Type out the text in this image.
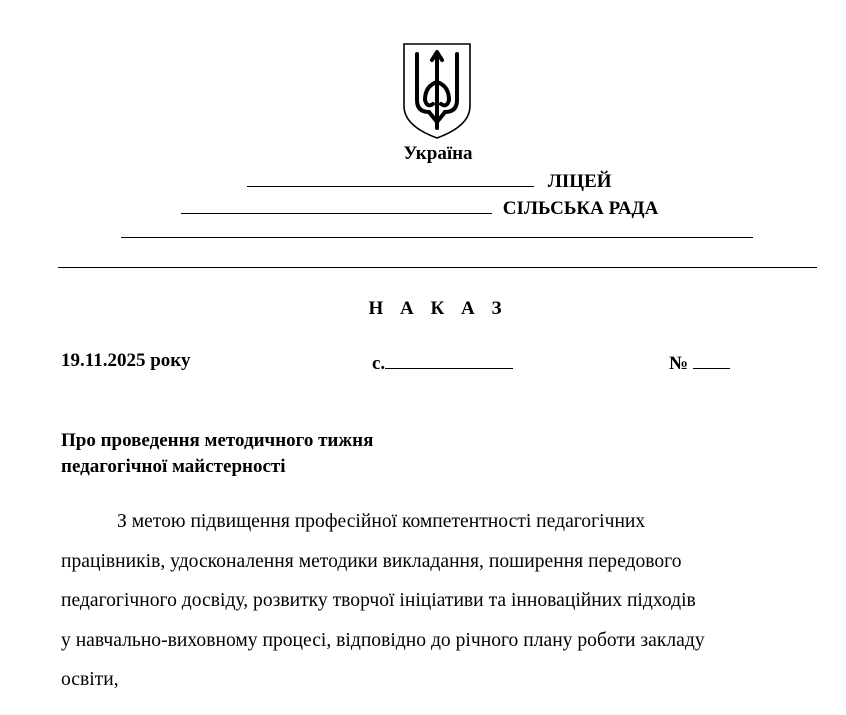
Україна
ЛІЦЕЙ
СІЛЬСЬКА РАДА
Н А К А З
19.11.2025 року	с.	№
Про проведення методичного тижня
педагогічної майстерності
З метою підвищення професійної компетентності педагогічних
працівників, удосконалення методики викладання, поширення передового
педагогічного досвіду, розвитку творчої ініціативи та інноваційних підходів
у навчально-виховному процесі, відповідно до річного плану роботи закладу
освіти,
